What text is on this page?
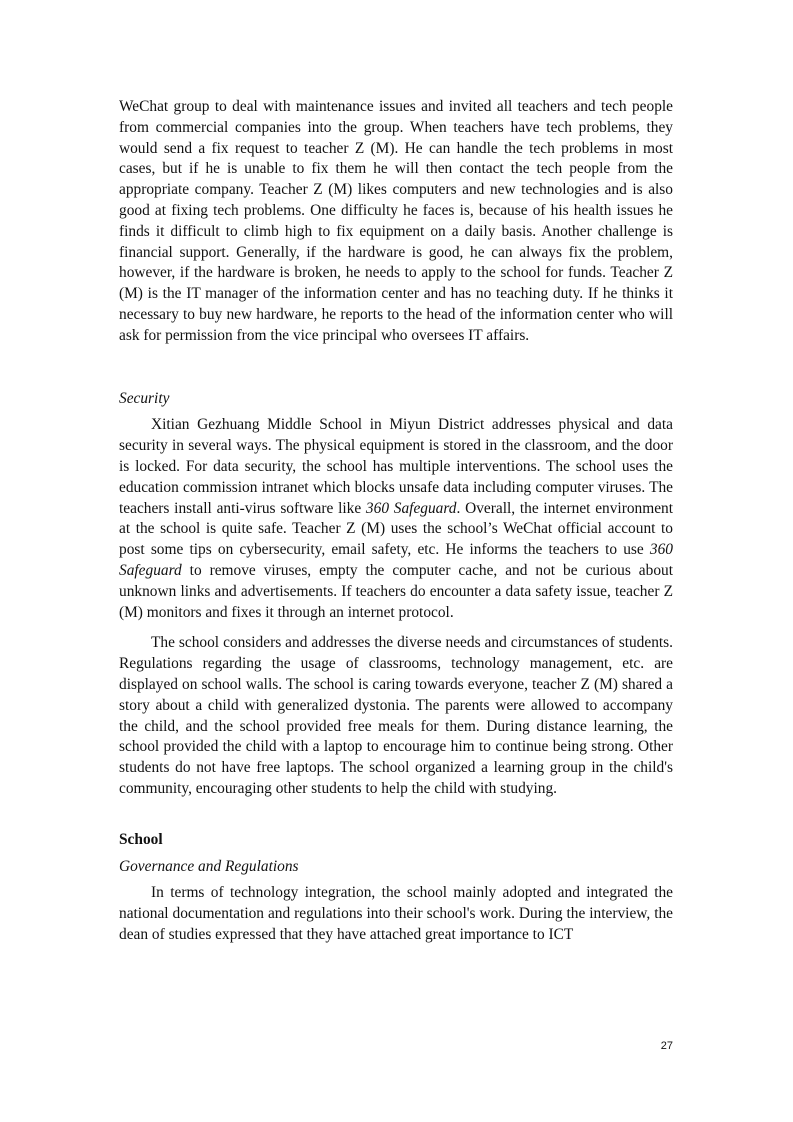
WeChat group to deal with maintenance issues and invited all teachers and tech people from commercial companies into the group. When teachers have tech problems, they would send a fix request to teacher Z (M). He can handle the tech problems in most cases, but if he is unable to fix them he will then contact the tech people from the appropriate company. Teacher Z (M) likes computers and new technologies and is also good at fixing tech problems. One difficulty he faces is, because of his health issues he finds it difficult to climb high to fix equipment on a daily basis. Another challenge is financial support. Generally, if the hardware is good, he can always fix the problem, however, if the hardware is broken, he needs to apply to the school for funds. Teacher Z (M) is the IT manager of the information center and has no teaching duty. If he thinks it necessary to buy new hardware, he reports to the head of the information center who will ask for permission from the vice principal who oversees IT affairs.

Security

Xitian Gezhuang Middle School in Miyun District addresses physical and data security in several ways. The physical equipment is stored in the classroom, and the door is locked. For data security, the school has multiple interventions. The school uses the education commission intranet which blocks unsafe data including computer viruses. The teachers install anti-virus software like 360 Safeguard. Overall, the internet environment at the school is quite safe. Teacher Z (M) uses the school’s WeChat official account to post some tips on cybersecurity, email safety, etc. He informs the teachers to use 360 Safeguard to remove viruses, empty the computer cache, and not be curious about unknown links and advertisements. If teachers do encounter a data safety issue, teacher Z (M) monitors and fixes it through an internet protocol.

The school considers and addresses the diverse needs and circumstances of students. Regulations regarding the usage of classrooms, technology management, etc. are displayed on school walls. The school is caring towards everyone, teacher Z (M) shared a story about a child with generalized dystonia. The parents were allowed to accompany the child, and the school provided free meals for them. During distance learning, the school provided the child with a laptop to encourage him to continue being strong. Other students do not have free laptops. The school organized a learning group in the child's community, encouraging other students to help the child with studying.

School
Governance and Regulations

In terms of technology integration, the school mainly adopted and integrated the national documentation and regulations into their school's work. During the interview, the dean of studies expressed that they have attached great importance to ICT

27
